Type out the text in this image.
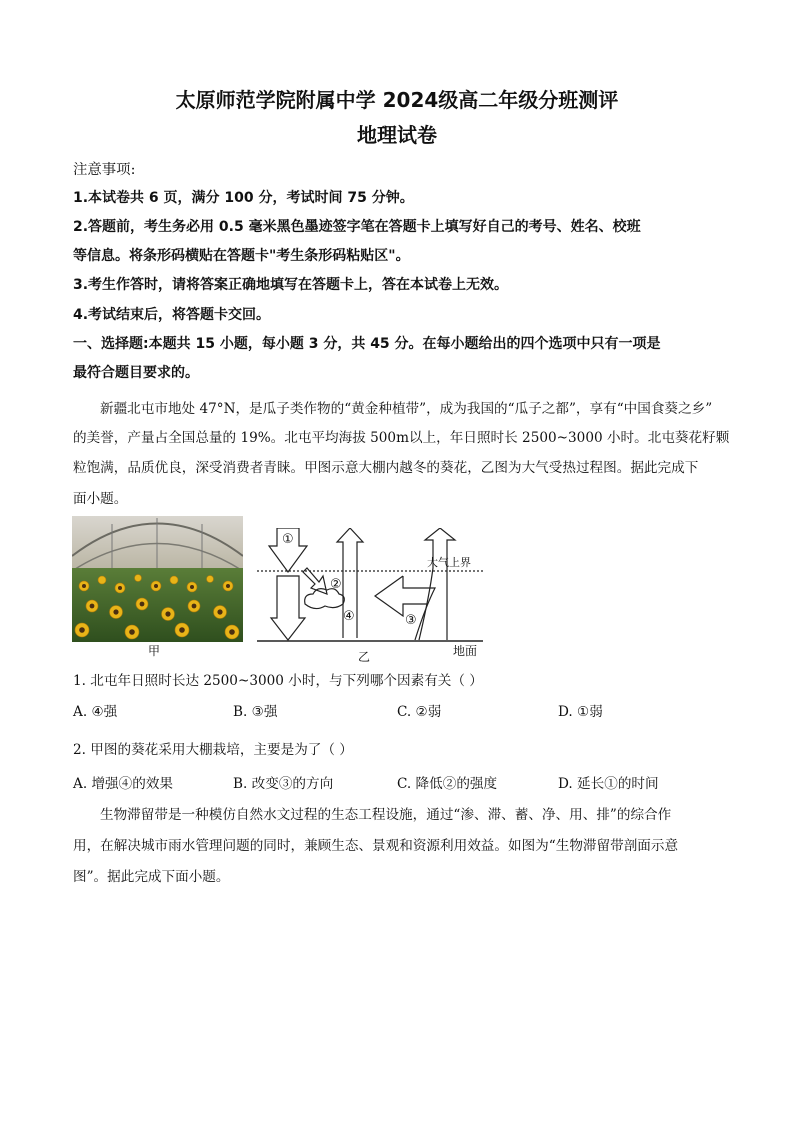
太原师范学院附属中学 2024级高二年级分班测评
地理试卷
注意事项:
1.本试卷共 6 页，满分 100 分，考试时间 75 分钟。
2.答题前，考生务必用 0.5 毫米黑色墨迹签字笔在答题卡上填写好自己的考号、姓名、校班
等信息。将条形码横贴在答题卡"考生条形码粘贴区"。
3.考生作答时，请将答案正确地填写在答题卡上，答在本试卷上无效。
4.考试结束后，将答题卡交回。
一、选择题:本题共 15 小题，每小题 3 分，共 45 分。在每小题给出的四个选项中只有一项是
最符合题目要求的。
新疆北屯市地处 47°N，是瓜子类作物的“黄金种植带”，成为我国的“瓜子之都”，享有“中国食葵之乡”
的美誉，产量占全国总量的 19%。北屯平均海拔 500m以上，年日照时长 2500~3000 小时。北屯葵花籽颗
粒饱满，品质优良，深受消费者青睐。甲图示意大棚内越冬的葵花，乙图为大气受热过程图。据此完成下
面小题。
甲
①
②
③
④
大气上界
地面
乙
1. 北屯年日照时长达 2500~3000 小时，与下列哪个因素有关（ ）
A. ④强	B. ③强	C. ②弱	D. ①弱
2. 甲图的葵花采用大棚栽培，主要是为了（ ）
A. 增强④的效果	B. 改变③的方向	C. 降低②的强度	D. 延长①的时间
生物滞留带是一种模仿自然水文过程的生态工程设施，通过“渗、滞、蓄、净、用、排”的综合作
用，在解决城市雨水管理问题的同时，兼顾生态、景观和资源利用效益。如图为“生物滞留带剖面示意
图”。据此完成下面小题。
